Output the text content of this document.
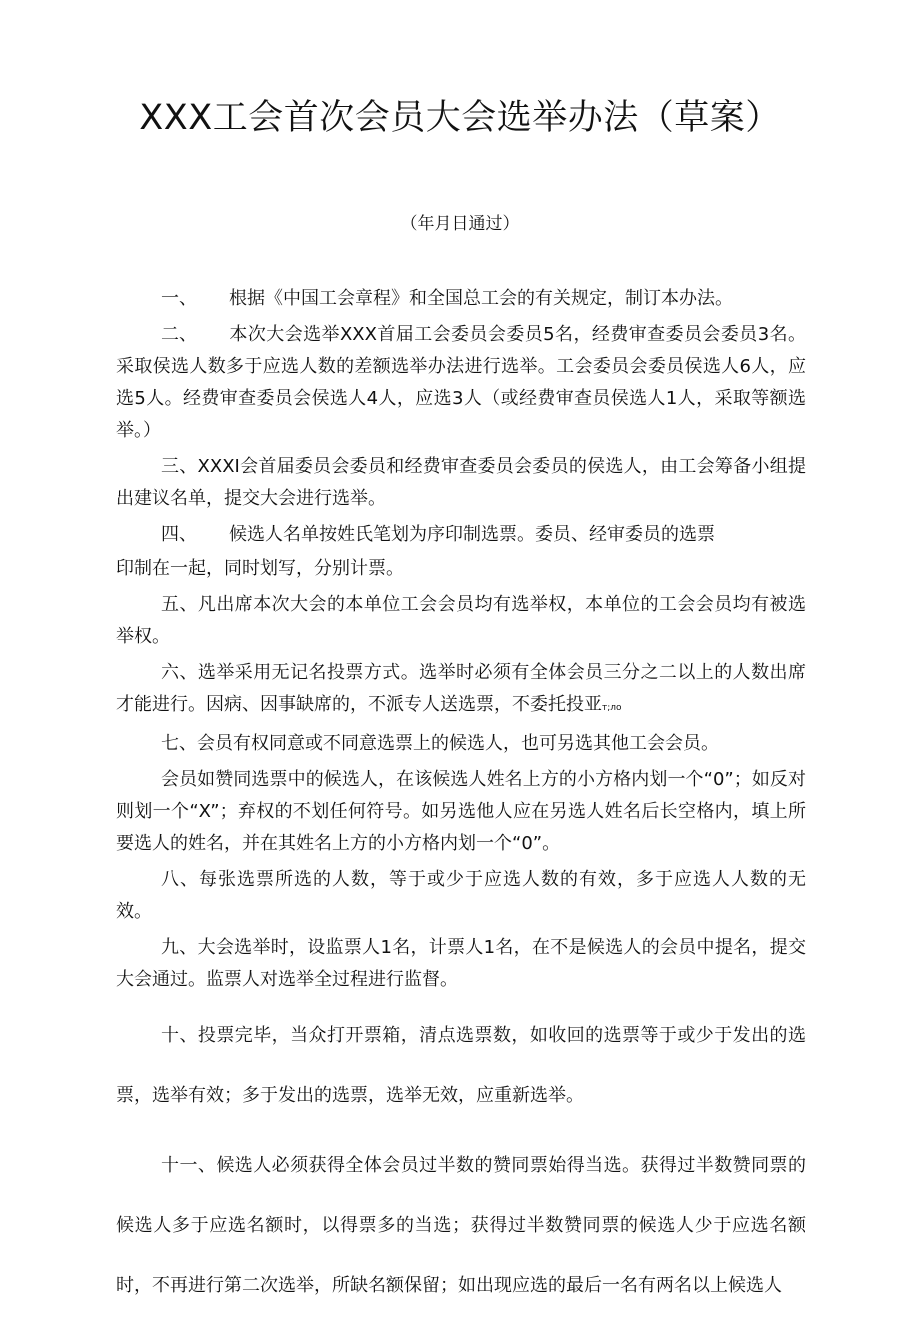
XXX工会首次会员大会选举办法（草案）

（年月日通过）

一、 根据《中国工会章程》和全国总工会的有关规定，制订本办法。

二、 本次大会选举XXX首届工会委员会委员5名，经费审查委员会委员3名。采取侯选人数多于应选人数的差额选举办法进行选举。工会委员会委员侯选人6人，应选5人。经费审查委员会侯选人4人，应选3人（或经费审查员侯选人1人，采取等额选举。）

三、XXXI会首届委员会委员和经费审查委员会委员的侯选人，由工会筹备小组提出建议名单，提交大会进行选举。

四、 候选人名单按姓氏笔划为序印制选票。委员、经审委员的选票

印制在一起，同时划写，分别计票。

五、凡出席本次大会的本单位工会会员均有选举权，本单位的工会会员均有被选举权。

六、选举采用无记名投票方式。选举时必须有全体会员三分之二以上的人数出席才能进行。因病、因事缺席的，不派专人送选票，不委托投亚т;лo

七、会员有权同意或不同意选票上的候选人，也可另选其他工会会员。

会员如赞同选票中的候选人，在该候选人姓名上方的小方格内划一个“0”；如反对则划一个“X”；弃权的不划任何符号。如另选他人应在另选人姓名后长空格内，填上所要选人的姓名，并在其姓名上方的小方格内划一个“0”。

八、每张选票所选的人数，等于或少于应选人数的有效，多于应选人人数的无效。

九、大会选举时，设监票人1名，计票人1名，在不是候选人的会员中提名，提交大会通过。监票人对选举全过程进行监督。

十、投票完毕，当众打开票箱，清点选票数，如收回的选票等于或少于发出的选票，选举有效；多于发出的选票，选举无效，应重新选举。

十一、候选人必须获得全体会员过半数的赞同票始得当选。获得过半数赞同票的候选人多于应选名额时，以得票多的当选；获得过半数赞同票的候选人少于应选名额时，不再进行第二次选举，所缺名额保留；如出现应选的最后一名有两名以上候选人
